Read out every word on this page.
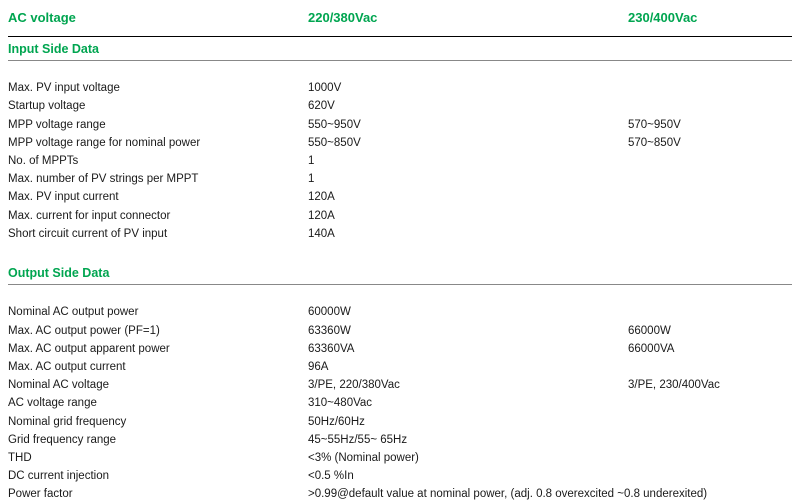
AC voltage	220/380Vac	230/400Vac

Input Side Data		

Max. PV input voltage	1000V	
Startup voltage	620V	
MPP voltage range	550~950V	570~950V
MPP voltage range for nominal power	550~850V	570~850V
No. of MPPTs	1	
Max. number of PV strings per MPPT	1	
Max. PV input current	120A	
Max. current for input connector	120A	
Short circuit current of PV input	140A	

Output Side Data		

Nominal AC output power	60000W	
Max. AC output power (PF=1)	63360W	66000W
Max. AC output apparent power	63360VA	66000VA
Max. AC output current	96A	
Nominal AC voltage	3/PE, 220/380Vac	3/PE, 230/400Vac
AC voltage range	310~480Vac	
Nominal grid frequency	50Hz/60Hz	
Grid frequency range	45~55Hz/55~ 65Hz	
THD	<3% (Nominal power)	
DC current injection	<0.5 %In	
Power factor	>0.99@default value at nominal power, (adj. 0.8 overexcited ~0.8 underexited)	
